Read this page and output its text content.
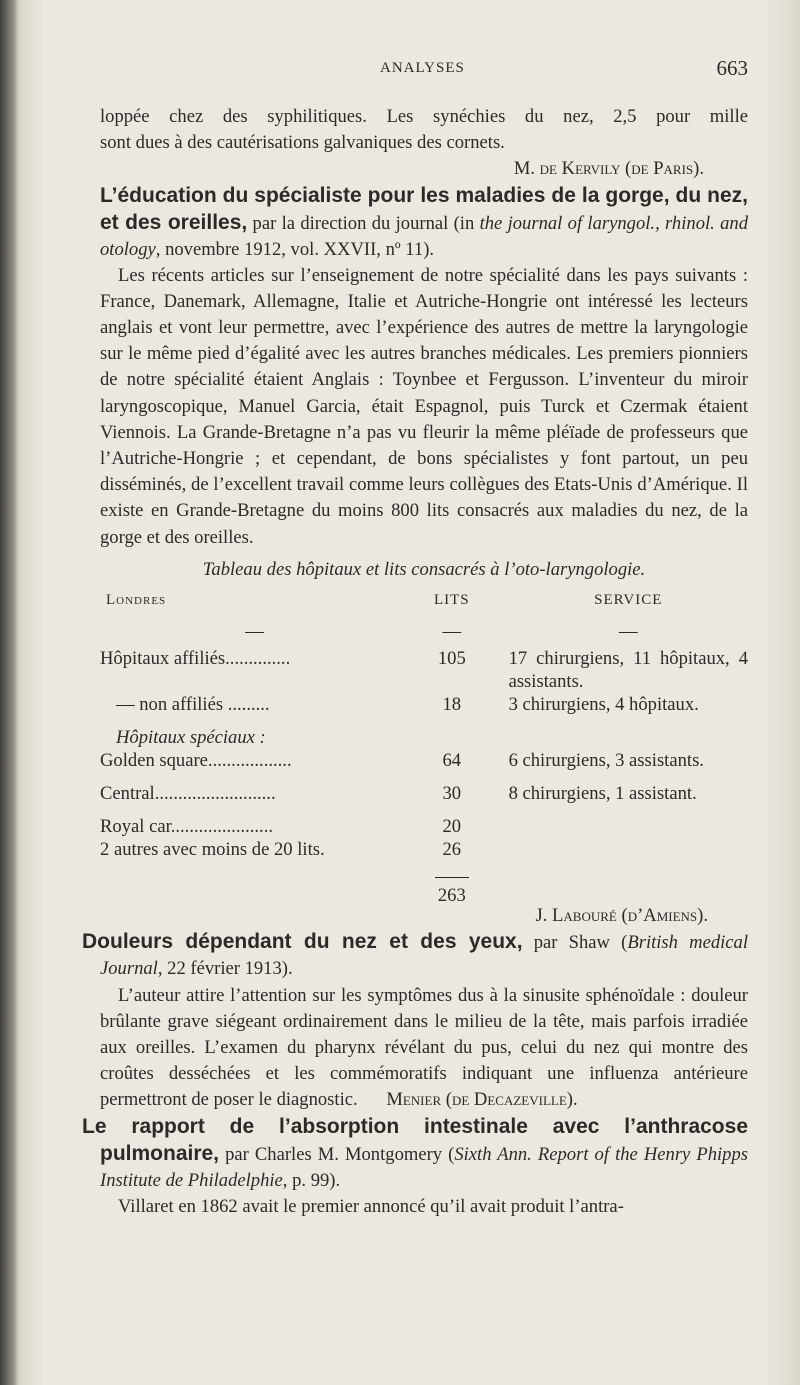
ANALYSES	663

loppée chez des syphilitiques. Les synéchies du nez, 2,5 pour mille

sont dues à des cautérisations galvaniques des cornets.

M. de Kervily (de Paris).

L’éducation du spécialiste pour les maladies de la gorge, du nez, et des oreilles, par la direction du journal (in the journal of laryngol., rhinol. and otology, novembre 1912, vol. XXVII, nº 11).

Les récents articles sur l’enseignement de notre spécialité dans les pays suivants : France, Danemark, Allemagne, Italie et Autriche-Hongrie ont intéressé les lecteurs anglais et vont leur permettre, avec l’expérience des autres de mettre la laryngologie sur le même pied d’égalité avec les autres branches médicales. Les premiers pionniers de notre spécialité étaient Anglais : Toynbee et Fergusson. L’inventeur du miroir laryngoscopique, Manuel Garcia, était Espagnol, puis Turck et Czermak étaient Viennois. La Grande-Bretagne n’a pas vu fleurir la même pléïade de professeurs que l’Autriche-Hongrie ; et cependant, de bons spécialistes y font partout, un peu disséminés, de l’excellent travail comme leurs collègues des Etats-Unis d’Amérique. Il existe en Grande-Bretagne du moins 800 lits consacrés aux maladies du nez, de la gorge et des oreilles.

Tableau des hôpitaux et lits consacrés à l’oto-laryngologie.

Londres	LITS	SERVICE
—	—	—
Hôpitaux affiliés..............	105	17 chirurgiens, 11 hôpitaux, 4 assistants.
— non affiliés .........	18	3 chirurgiens, 4 hôpitaux.
Hôpitaux spéciaux :		
Golden square..................	64	6 chirurgiens, 3 assistants.
Central..........................	30	8 chirurgiens, 1 assistant.
Royal car......................	20	
2 autres avec moins de 20 lits.	26	

263	

J. Labouré (d’Amiens).

Douleurs dépendant du nez et des yeux, par Shaw (British medical Journal, 22 février 1913).

L’auteur attire l’attention sur les symptômes dus à la sinusite sphénoïdale : douleur brûlante grave siégeant ordinairement dans le milieu de la tête, mais parfois irradiée aux oreilles. L’examen du pharynx révélant du pus, celui du nez qui montre des croûtes desséchées et les commémoratifs indiquant une influenza antérieure permettront de poser le diagnostic. Menier (de Decazeville).

Le rapport de l’absorption intestinale avec l’anthracose pulmonaire, par Charles M. Montgomery (Sixth Ann. Report of the Henry Phipps Institute de Philadelphie, p. 99).

Villaret en 1862 avait le premier annoncé qu’il avait produit l’antra-
